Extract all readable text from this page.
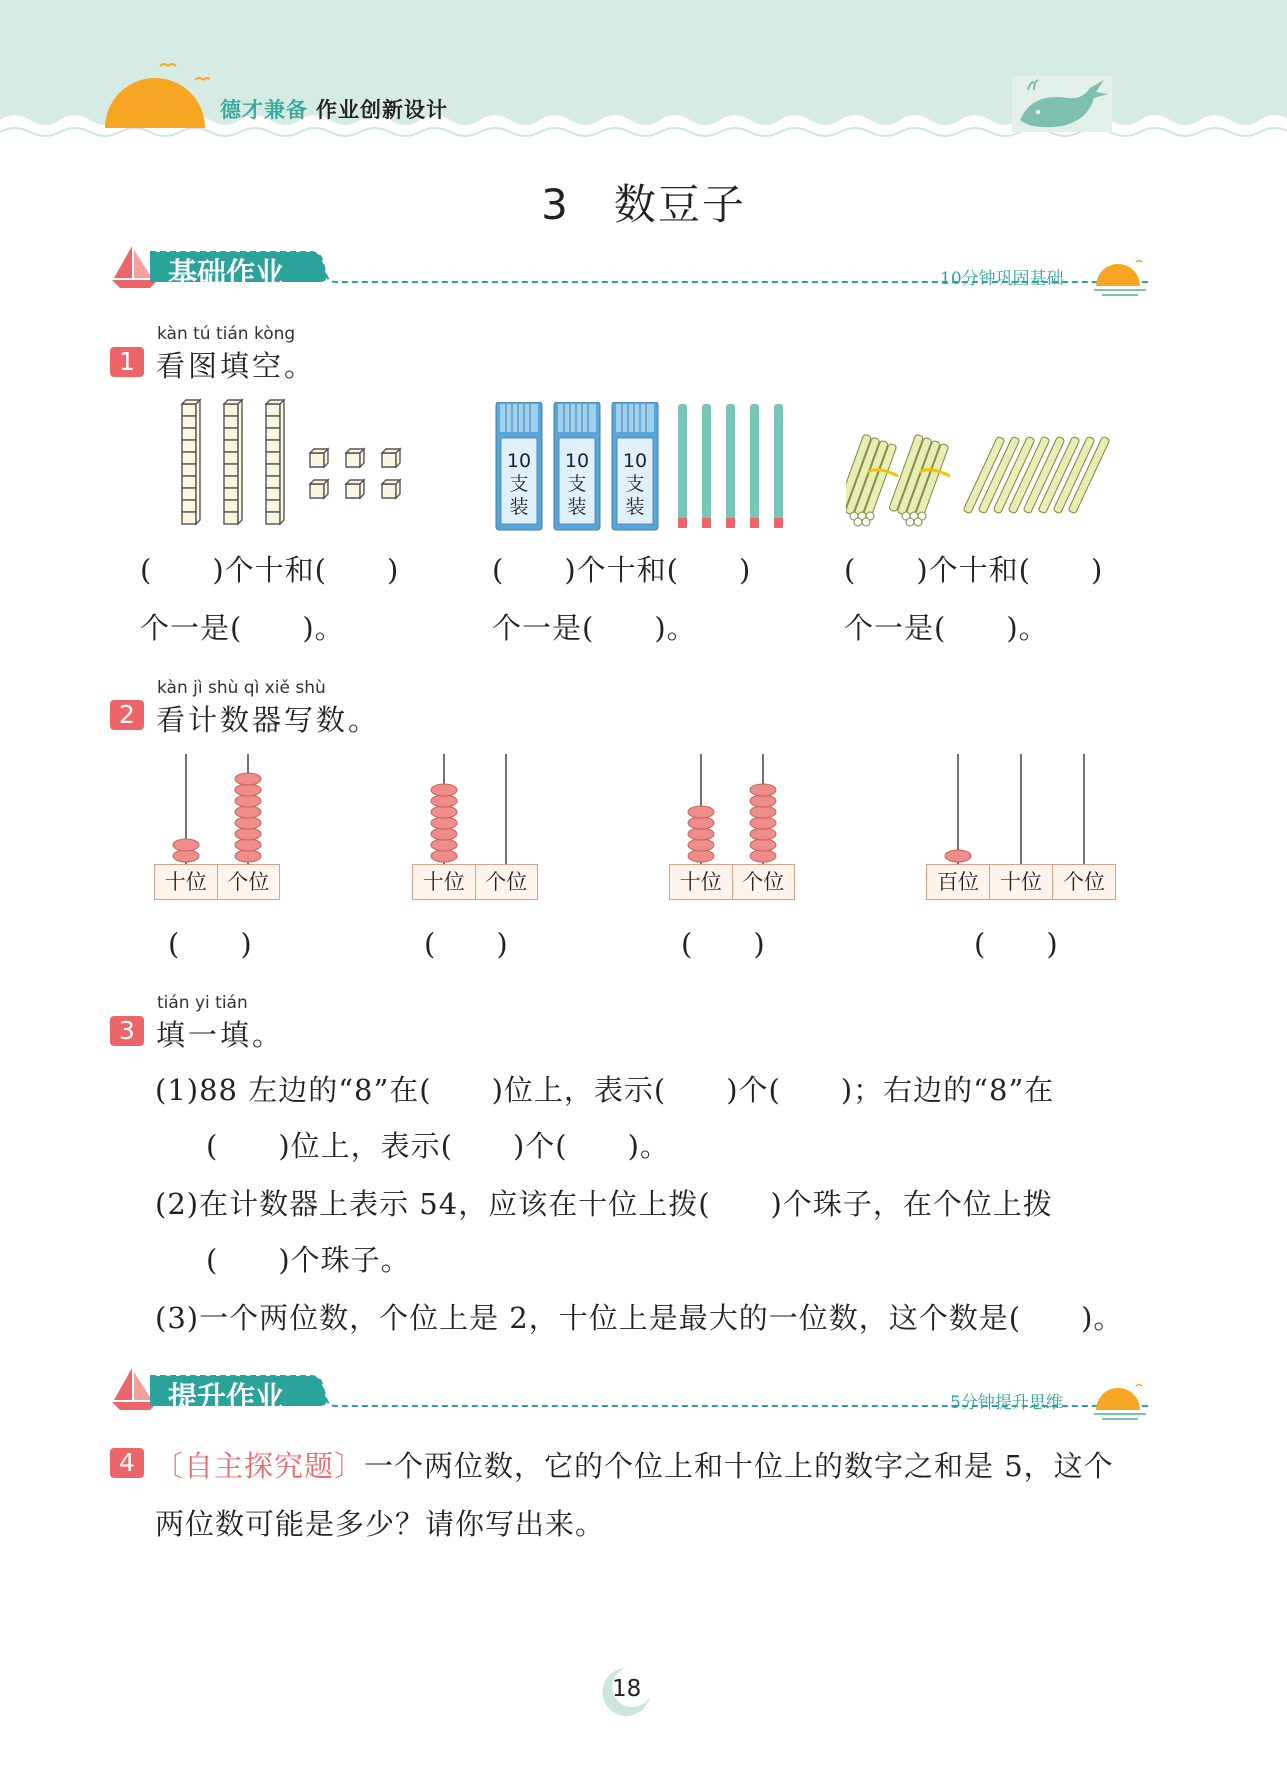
德才兼备 作业创新设计
3　数豆子
基础作业	10分钟巩固基础
kàn tú tián kòng
1 看图填空。
10
支
装
10
支
装
10
支
装
(　　)个十和(　　)
个一是(　　)。
(　　)个十和(　　)
个一是(　　)。
(　　)个十和(　　)
个一是(　　)。
kàn jì shù qì xiě shù
2 看计数器写数。
十位 个位	十位 个位	十位 个位	百位	十位	个位
(　　)	(　　)	(　　)	(　　)
tián yi tián
3 填一填。
(1)88 左边的“8”在(　　)位上，表示(　　)个(　　)；右边的“8”在
(　　)位上，表示(　　)个(　　)。
(2)在计数器上表示 54，应该在十位上拨(　　)个珠子，在个位上拨
(　　)个珠子。
(3)一个两位数，个位上是 2，十位上是最大的一位数，这个数是(　　)。
提升作业	5分钟提升思维
4 〔自主探究题〕一个两位数，它的个位上和十位上的数字之和是 5，这个
两位数可能是多少？请你写出来。
18
